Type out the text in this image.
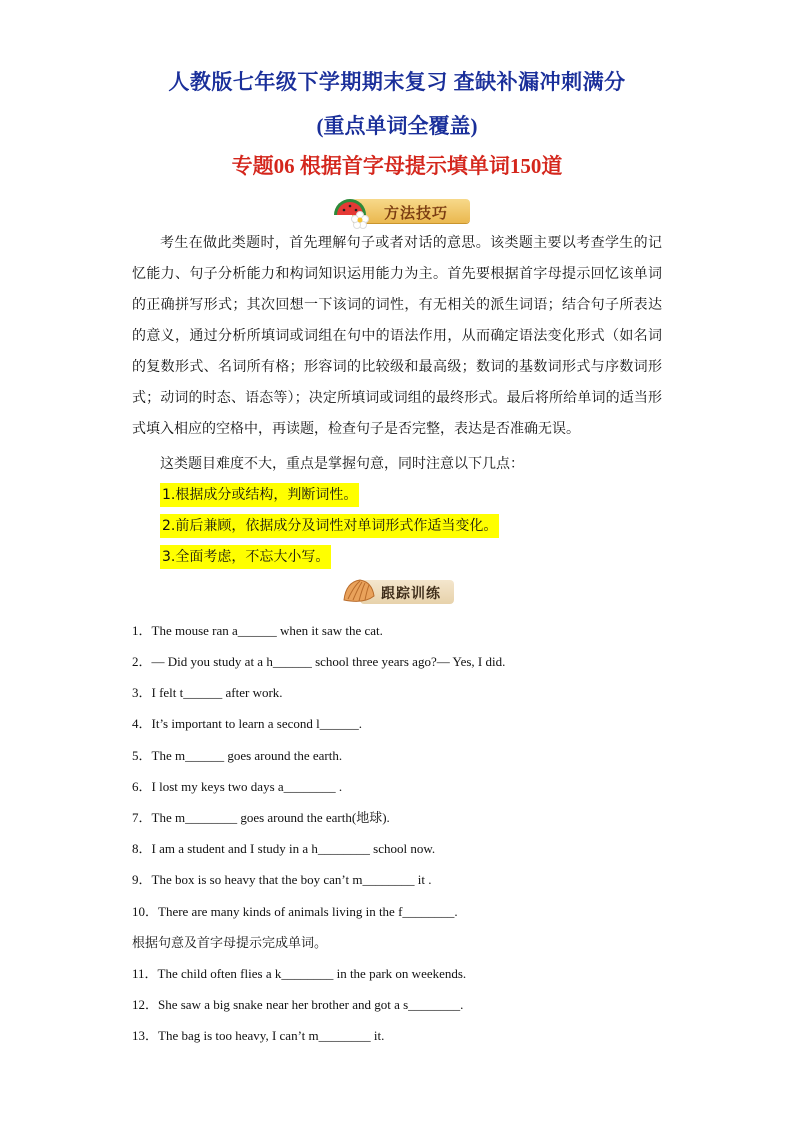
人教版七年级下学期期末复习 查缺补漏冲刺满分
(重点单词全覆盖)
专题06 根据首字母提示填单词150道
方法技巧
考生在做此类题时，首先理解句子或者对话的意思。该类题主要以考查学生的记忆能力、句子分析能力和构词知识运用能力为主。首先要根据首字母提示回忆该单词的正确拼写形式；其次回想一下该词的词性，有无相关的派生词语；结合句子所表达的意义，通过分析所填词或词组在句中的语法作用，从而确定语法变化形式（如名词的复数形式、名词所有格；形容词的比较级和最高级；数词的基数词形式与序数词形式；动词的时态、语态等）；决定所填词或词组的最终形式。最后将所给单词的适当形式填入相应的空格中，再读题，检查句子是否完整，表达是否准确无误。
这类题目难度不大，重点是掌握句意，同时注意以下几点：
1.根据成分或结构，判断词性。
2.前后兼顾，依据成分及词性对单词形式作适当变化。
3.全面考虑，不忘大小写。
跟踪训练
1．The mouse ran a______ when it saw the cat.
2．— Did you study at a h______ school three years ago?— Yes, I did.
3．I felt t______ after work.
4．It’s important to learn a second l______.
5．The m______ goes around the earth.
6．I lost my keys two days a________ .
7．The m________ goes around the earth(地球).
8．I am a student and I study in a h________ school now.
9．The box is so heavy that the boy can’t m________ it .
10．There are many kinds of animals living in the f________.
根据句意及首字母提示完成单词。
11．The child often flies a k________ in the park on weekends.
12．She saw a big snake near her brother and got a s________.
13．The bag is too heavy, I can’t m________ it.
